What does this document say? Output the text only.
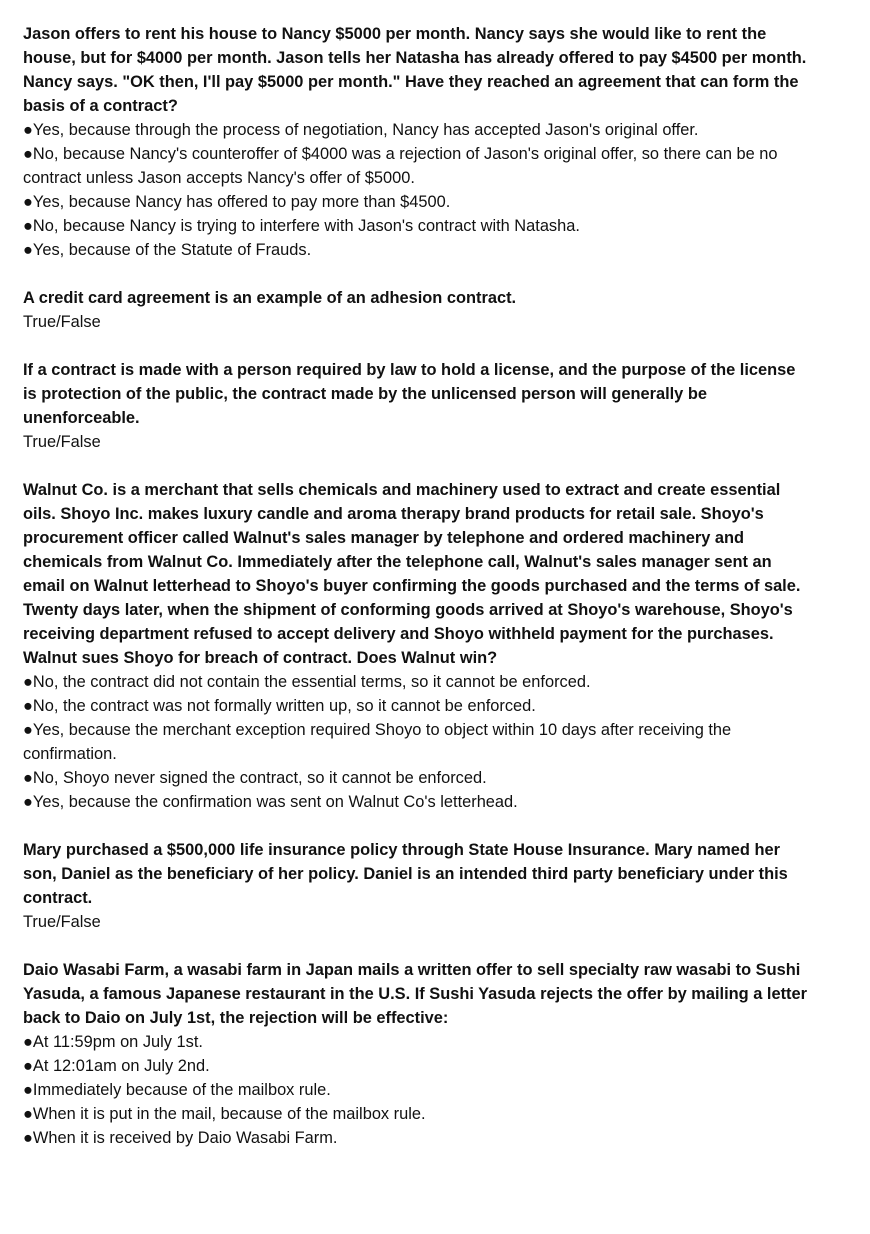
Jason offers to rent his house to Nancy $5000 per month. Nancy says she would like to rent the house, but for $4000 per month. Jason tells her Natasha has already offered to pay $4500 per month. Nancy says. "OK then, I'll pay $5000 per month." Have they reached an agreement that can form the basis of a contract?

●Yes, because through the process of negotiation, Nancy has accepted Jason's original offer.
●No, because Nancy's counteroffer of $4000 was a rejection of Jason's original offer, so there can be no contract unless Jason accepts Nancy's offer of $5000.
●Yes, because Nancy has offered to pay more than $4500.
●No, because Nancy is trying to interfere with Jason's contract with Natasha.
●Yes, because of the Statute of Frauds.

A credit card agreement is an example of an adhesion contract.

True/False

If a contract is made with a person required by law to hold a license, and the purpose of the license is protection of the public, the contract made by the unlicensed person will generally be unenforceable.

True/False

Walnut Co. is a merchant that sells chemicals and machinery used to extract and create essential oils. Shoyo Inc. makes luxury candle and aroma therapy brand products for retail sale. Shoyo's procurement officer called Walnut's sales manager by telephone and ordered machinery and chemicals from Walnut Co. Immediately after the telephone call, Walnut's sales manager sent an email on Walnut letterhead to Shoyo's buyer confirming the goods purchased and the terms of sale. Twenty days later, when the shipment of conforming goods arrived at Shoyo's warehouse, Shoyo's receiving department refused to accept delivery and Shoyo withheld payment for the purchases. Walnut sues Shoyo for breach of contract. Does Walnut win?

●No, the contract did not contain the essential terms, so it cannot be enforced.
●No, the contract was not formally written up, so it cannot be enforced.
●Yes, because the merchant exception required Shoyo to object within 10 days after receiving the confirmation.
●No, Shoyo never signed the contract, so it cannot be enforced.
●Yes, because the confirmation was sent on Walnut Co's letterhead.

Mary purchased a $500,000 life insurance policy through State House Insurance. Mary named her son, Daniel as the beneficiary of her policy. Daniel is an intended third party beneficiary under this contract.

True/False

Daio Wasabi Farm, a wasabi farm in Japan mails a written offer to sell specialty raw wasabi to Sushi Yasuda, a famous Japanese restaurant in the U.S. If Sushi Yasuda rejects the offer by mailing a letter back to Daio on July 1st, the rejection will be effective:

●At 11:59pm on July 1st.
●At 12:01am on July 2nd.
●Immediately because of the mailbox rule.
●When it is put in the mail, because of the mailbox rule.
●When it is received by Daio Wasabi Farm.
